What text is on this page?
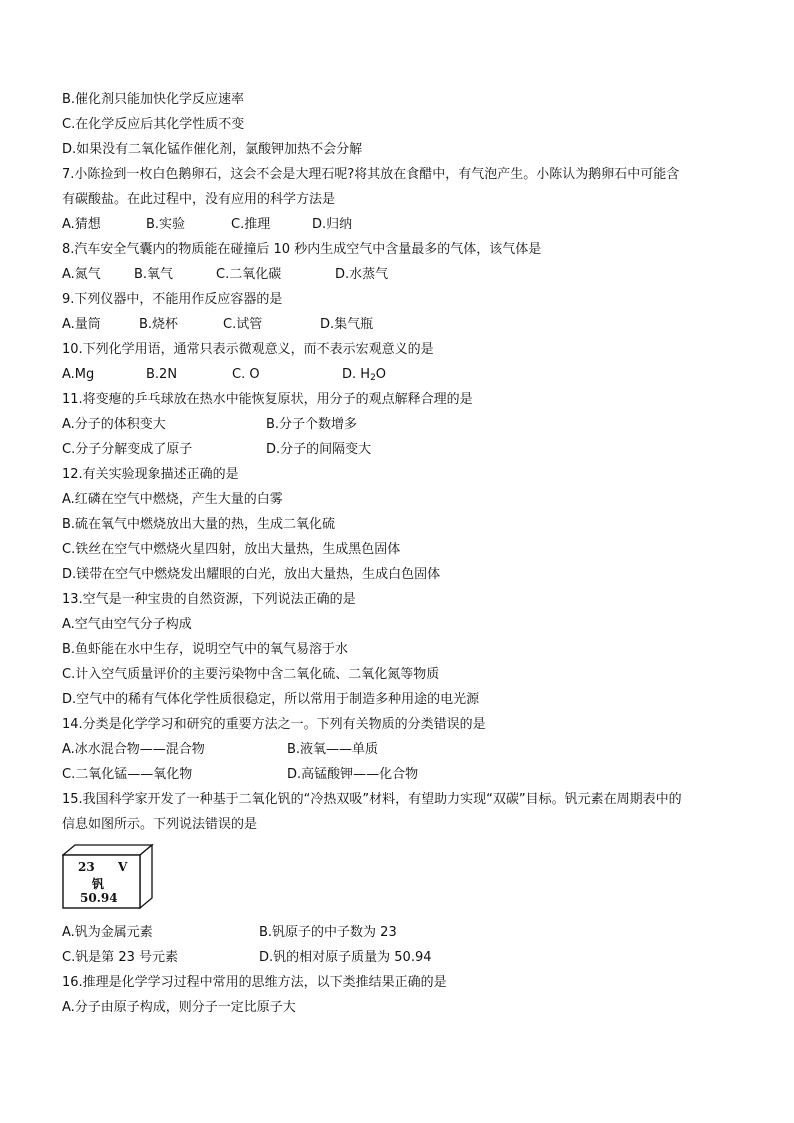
B.催化剂只能加快化学反应速率
C.在化学反应后其化学性质不变
D.如果没有二氧化锰作催化剂，氯酸钾加热不会分解
7.小陈捡到一枚白色鹅卵石，这会不会是大理石呢?将其放在食醋中，有气泡产生。小陈认为鹅卵石中可能含
有碳酸盐。在此过程中，没有应用的科学方法是
A.猜想	B.实验	C.推理	D.归纳
8.汽车安全气囊内的物质能在碰撞后 10 秒内生成空气中含量最多的气体，该气体是
A.氮气	B.氧气	C.二氧化碳	D.水蒸气
9.下列仪器中，不能用作反应容器的是
A.量筒	B.烧杯	C.试管	D.集气瓶
10.下列化学用语，通常只表示微观意义，而不表示宏观意义的是
A.Mg	B.2N	C. O	D. $H_2O$
11.将变瘪的乒乓球放在热水中能恢复原状，用分子的观点解释合理的是
A.分子的体积变大	B.分子个数增多
C.分子分解变成了原子	D.分子的间隔变大
12.有关实验现象描述正确的是
A.红磷在空气中燃烧，产生大量的白雾
B.硫在氧气中燃烧放出大量的热，生成二氧化硫
C.铁丝在空气中燃烧火星四射，放出大量热，生成黑色固体
D.镁带在空气中燃烧发出耀眼的白光，放出大量热，生成白色固体
13.空气是一种宝贵的自然资源，下列说法正确的是
A.空气由空气分子构成
B.鱼虾能在水中生存，说明空气中的氧气易溶于水
C.计入空气质量评价的主要污染物中含二氧化硫、二氧化氮等物质
D.空气中的稀有气体化学性质很稳定，所以常用于制造多种用途的电光源
14.分类是化学学习和研究的重要方法之一。下列有关物质的分类错误的是
A.冰水混合物——混合物	B.液氧——单质
C.二氧化锰——氧化物	D.高锰酸钾——化合物
15.我国科学家开发了一种基于二氧化钒的“冷热双吸”材料，有望助力实现“双碳”目标。钒元素在周期表中的
信息如图所示。下列说法错误的是
23 V
钒
50.94
A.钒为金属元素	B.钒原子的中子数为 23
C.钒是第 23 号元素	D.钒的相对原子质量为 50.94
16.推理是化学学习过程中常用的思维方法，以下类推结果正确的是
A.分子由原子构成，则分子一定比原子大
